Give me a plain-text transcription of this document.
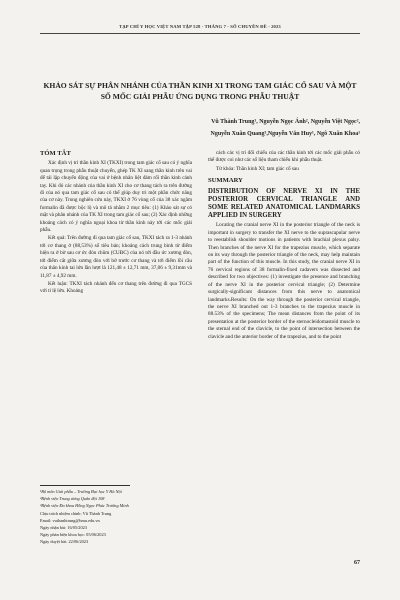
TẠP CHÍ Y HỌC VIỆT NAM TẬP 528 - THÁNG 7 - SỐ CHUYÊN ĐỀ - 2023
KHẢO SÁT SỰ PHÂN NHÁNH CỦA THẦN KINH XI TRONG TAM GIÁC CỔ SAU VÀ MỘT SỐ MỐC GIẢI PHẪU ỨNG DỤNG TRONG PHẪU THUẬT
Vũ Thành Trung¹, Nguyễn Ngọc Ánh², Nguyễn Việt Ngọc²,
Nguyễn Xuân Quang³,Nguyễn Văn Huy¹, Ngô Xuân Khoa¹
TÓM TẮT

Xác định vị trí thần kinh XI (TKXI) trong tam giác cổ sau có ý nghĩa quan trọng trong phẫu thuật chuyển, ghép TK XI sang thần kinh trên vai để tái lập chuyển động của vai ở bệnh nhân liệt đám rối thần kinh cánh tay. Khi đó các nhánh của thần kinh XI cho cơ thang tách ra trên đường đi của nó qua tam giác cổ sau có thể giúp duy trì một phần chức năng của cơ này. Trong nghiên cứu này, TKXI ở 76 vùng cổ của 38 xác ngâm formalin đã được bộc lộ và mô tả nhằm 2 mục tiêu: (1) Khảo sát sự có mặt và phân nhánh của TK XI trong tam giác cổ sau; (2) Xác định những khoảng cách có ý nghĩa ngoại khoa từ thần kinh này tới các mốc giải phẫu.

Kết quả: Trên đường đi qua tam giác cổ sau, TKXI tách ra 1-3 nhánh tới cơ thang ở (88,53%) số tiêu bản; khoảng cách trung bình từ điểm hiện ra ở bờ sau cơ ức đòn chũm (CUĐC) của nó tới đầu ức xương đòn, tới điểm cắt giữa xương đòn với bờ trước cơ thang và tới điểm lồi cầu của thân kinh tai lớn lần lượt là 121,48 ± 12,71 mm, 37,06 ± 9,31mm và 11,87 ± 4,92 mm.

Kết luận: TKXI tách nhánh đến cơ thang trên đường đi qua TGCS với tỉ lệ lớn. Khoảng

cách các vị trí đối chiếu của các thần kinh tới các mốc giải phẫu có thể được coi như các số liệu tham chiếu khi phẫu thuật.

Từ khóa: Thần kinh XI; tam giác cổ sau

SUMMARY
DISTRIBUTION OF NERVE XI IN THE POSTERIOR CERVICAL TRIANGLE AND SOME RELATED ANATOMICAL LANDMARKS APPLIED IN SURGERY

Locating the cranial nerve XI in the posterior triangle of the neck is important in surgery to transfer the XI nerve to the suprascapular nerve to reestablish shoulder motions in patients with brachial plexus palsy. Then branches of the nerve XI for the trapezius muscle, which separate on its way through the posterior triangle of the neck, may help maintain part of the function of this muscle. In this study, the cranial nerve XI in 76 cervical regions of 38 formalin-fixed cadavers was dissected and described for two objectives: (1) investigate the presence and branching of the nerve XI in the posterior cervical triangle; (2) Determine surgically-significant distances from this nerve to anatomical landmarks.Results: On the way through the posterior cervical triangle, the nerve XI branched out 1-3 branches to the trapezius muscle in 88.53% of the specimens; The mean distances from the point of its presentation at the posterior border of the sternocleidomastoid muscle to the sternal end of the clavicle, to the point of intersection between the clavicle and the anterior border of the trapezius, and to the point

¹Bộ môn Giải phẫu – Trường Đại học Y Hà Nội
²Bệnh viện Trung ương Quân đội 108
³Bệnh viện Đa khoa Hồng Ngọc Phúc Trường Minh
Chịu trách nhiệm chính: Vũ Thành Trung
Email: vuthanhtrung@hmu.edu.vn
Ngày nhận bài: 16/05/2023
Ngày phản biện khoa học: 05/06/2023
Ngày duyệt bài: 22/06/2023
67
